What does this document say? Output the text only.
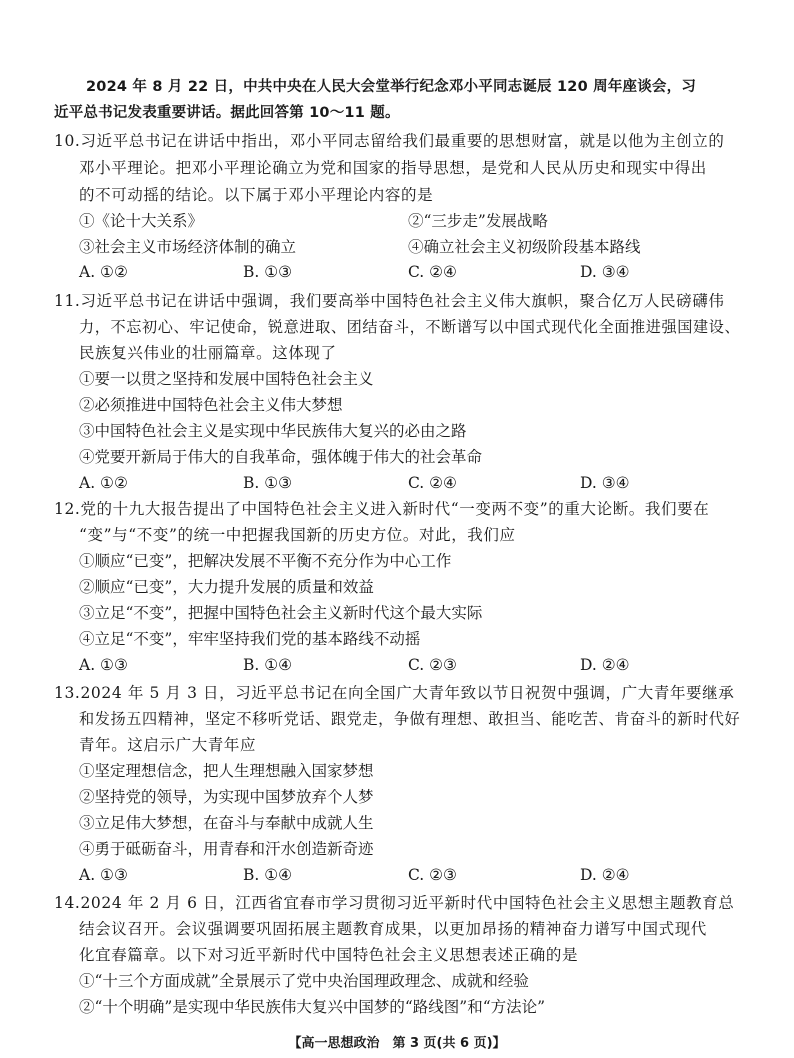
2024 年 8 月 22 日，中共中央在人民大会堂举行纪念邓小平同志诞辰 120 周年座谈会，习
近平总书记发表重要讲话。据此回答第 10～11 题。
10.习近平总书记在讲话中指出，邓小平同志留给我们最重要的思想财富，就是以他为主创立的
邓小平理论。把邓小平理论确立为党和国家的指导思想，是党和人民从历史和现实中得出
的不可动摇的结论。以下属于邓小平理论内容的是
①《论十大关系》	②“三步走”发展战略
③社会主义市场经济体制的确立	④确立社会主义初级阶段基本路线
A. ①②	B. ①③	C. ②④	D. ③④
11.习近平总书记在讲话中强调，我们要高举中国特色社会主义伟大旗帜，聚合亿万人民磅礴伟
力，不忘初心、牢记使命，锐意进取、团结奋斗，不断谱写以中国式现代化全面推进强国建设、
民族复兴伟业的壮丽篇章。这体现了
①要一以贯之坚持和发展中国特色社会主义
②必须推进中国特色社会主义伟大梦想
③中国特色社会主义是实现中华民族伟大复兴的必由之路
④党要开新局于伟大的自我革命，强体魄于伟大的社会革命
A. ①②	B. ①③	C. ②④	D. ③④
12.党的十九大报告提出了中国特色社会主义进入新时代“一变两不变”的重大论断。我们要在
“变”与“不变”的统一中把握我国新的历史方位。对此，我们应
①顺应“已变”，把解决发展不平衡不充分作为中心工作
②顺应“已变”，大力提升发展的质量和效益
③立足“不变”，把握中国特色社会主义新时代这个最大实际
④立足“不变”，牢牢坚持我们党的基本路线不动摇
A. ①③	B. ①④	C. ②③	D. ②④
13.2024 年 5 月 3 日，习近平总书记在向全国广大青年致以节日祝贺中强调，广大青年要继承
和发扬五四精神，坚定不移听党话、跟党走，争做有理想、敢担当、能吃苦、肯奋斗的新时代好
青年。这启示广大青年应
①坚定理想信念，把人生理想融入国家梦想
②坚持党的领导，为实现中国梦放弃个人梦
③立足伟大梦想，在奋斗与奉献中成就人生
④勇于砥砺奋斗，用青春和汗水创造新奇迹
A. ①③	B. ①④	C. ②③	D. ②④
14.2024 年 2 月 6 日，江西省宜春市学习贯彻习近平新时代中国特色社会主义思想主题教育总
结会议召开。会议强调要巩固拓展主题教育成果，以更加昂扬的精神奋力谱写中国式现代
化宜春篇章。以下对习近平新时代中国特色社会主义思想表述正确的是
①“十三个方面成就”全景展示了党中央治国理政理念、成就和经验
②“十个明确”是实现中华民族伟大复兴中国梦的“路线图”和“方法论”
【高一思想政治　第 3 页(共 6 页)】
